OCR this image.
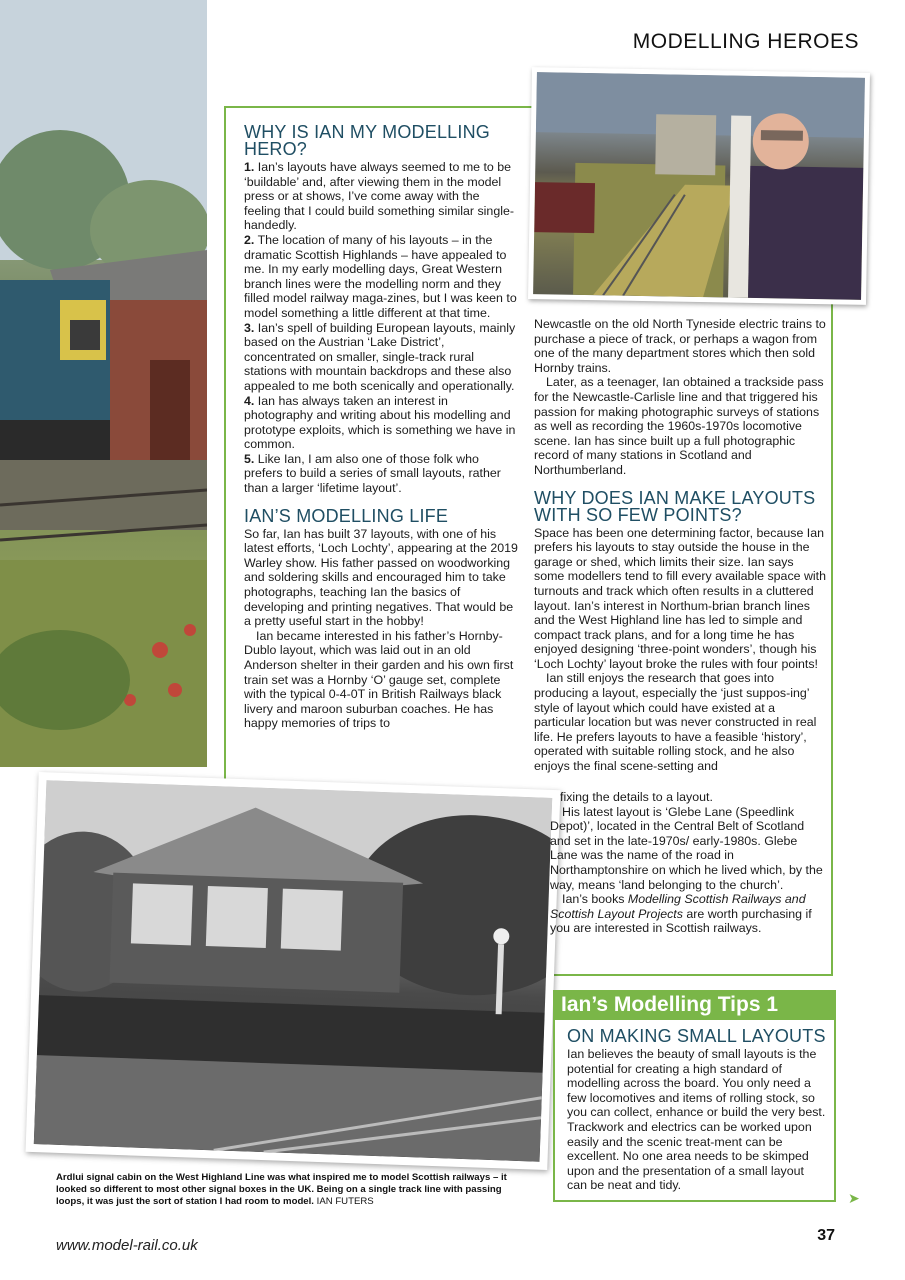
MODELLING HEROES
WHY IS IAN MY MODELLING HERO?

1. Ian’s layouts have always seemed to me to be ‘buildable’ and, after viewing them in the model press or at shows, I’ve come away with the feeling that I could build something similar single-handedly.

2. The location of many of his layouts – in the dramatic Scottish Highlands – have appealed to me. In my early modelling days, Great Western branch lines were the modelling norm and they filled model railway maga-zines, but I was keen to model something a little different at that time.

3. Ian’s spell of building European layouts, mainly based on the Austrian ‘Lake District’, concentrated on smaller, single-track rural stations with mountain backdrops and these also appealed to me both scenically and operationally.

4. Ian has always taken an interest in photography and writing about his modelling and prototype exploits, which is something we have in common.

5. Like Ian, I am also one of those folk who prefers to build a series of small layouts, rather than a larger ‘lifetime layout’.

IAN’S MODELLING LIFE

So far, Ian has built 37 layouts, with one of his latest efforts, ‘Loch Lochty’, appearing at the 2019 Warley show. His father passed on woodworking and soldering skills and encouraged him to take photographs, teaching Ian the basics of developing and printing negatives. That would be a pretty useful start in the hobby!

Ian became interested in his father’s Hornby-Dublo layout, which was laid out in an old Anderson shelter in their garden and his own first train set was a Hornby ‘O’ gauge set, complete with the typical 0-4-0T in British Railways black livery and maroon suburban coaches. He has happy memories of trips to

Newcastle on the old North Tyneside electric trains to purchase a piece of track, or perhaps a wagon from one of the many department stores which then sold Hornby trains.

Later, as a teenager, Ian obtained a trackside pass for the Newcastle-Carlisle line and that triggered his passion for making photographic surveys of stations as well as recording the 1960s-1970s locomotive scene. Ian has since built up a full photographic record of many stations in Scotland and Northumberland.

WHY DOES IAN MAKE LAYOUTS WITH SO FEW POINTS?

Space has been one determining factor, because Ian prefers his layouts to stay outside the house in the garage or shed, which limits their size. Ian says some modellers tend to fill every available space with turnouts and track which often results in a cluttered layout. Ian’s interest in Northum-brian branch lines and the West Highland line has led to simple and compact track plans, and for a long time he has enjoyed designing ‘three-point wonders’, though his ‘Loch Lochty’ layout broke the rules with four points!

Ian still enjoys the research that goes into producing a layout, especially the ‘just suppos-ing’ style of layout which could have existed at a particular location but was never constructed in real life. He prefers layouts to have a feasible ‘history’, operated with suitable rolling stock, and he also enjoys the final scene-setting and

fixing the details to a layout.

His latest layout is ‘Glebe Lane (Speedlink Depot)’, located in the Central Belt of Scotland and set in the late-1970s/ early-1980s. Glebe Lane was the name of the road in Northamptonshire on which he lived which, by the way, means ‘land belonging to the church’.

Ian’s books Modelling Scottish Railways and Scottish Layout Projects are worth purchasing if you are interested in Scottish railways.

Ian’s Modelling Tips 1
ON MAKING SMALL LAYOUTS

Ian believes the beauty of small layouts is the potential for creating a high standard of modelling across the board. You only need a few locomotives and items of rolling stock, so you can collect, enhance or build the very best. Trackwork and electrics can be worked upon easily and the scenic treat-ment can be excellent. No one area needs to be skimped upon and the presentation of a small layout can be neat and tidy.

Ardlui signal cabin on the West Highland Line was what inspired me to model Scottish railways – it looked so different to most other signal boxes in the UK. Being on a single track line with passing loops, it was just the sort of station I had room to model. IAN FUTERS	➤
www.model-rail.co.uk
37
